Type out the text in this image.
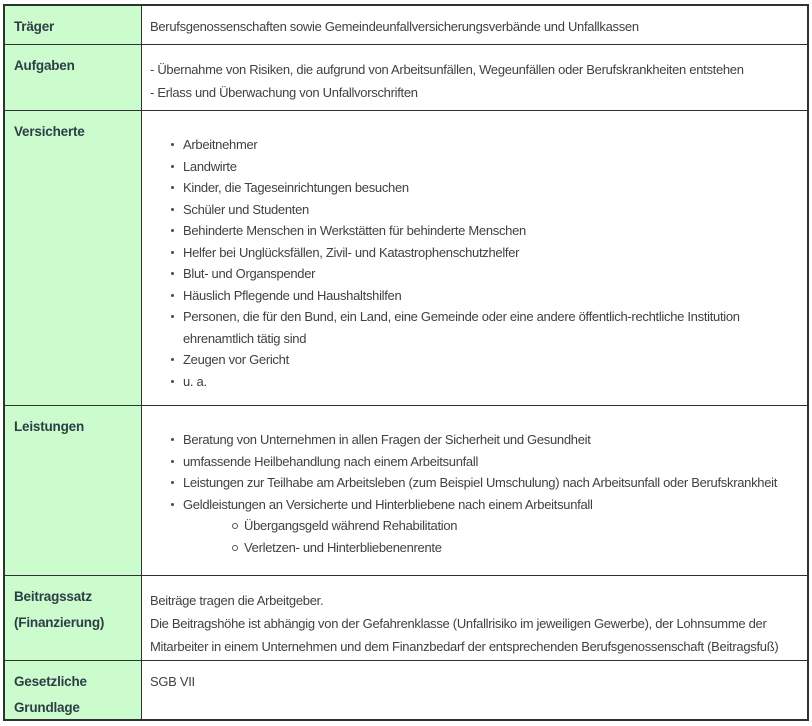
Träger	Berufsgenossenschaften sowie Gemeindeunfallversicherungsverbände und Unfallkassen
Aufgaben	- Übernahme von Risiken, die aufgrund von Arbeitsunfällen, Wegeunfällen oder Berufskrankheiten entstehen
- Erlass und Überwachung von Unfallvorschriften
Versicherte
Arbeitnehmer
Landwirte
Kinder, die Tageseinrichtungen besuchen
Schüler und Studenten
Behinderte Menschen in Werkstätten für behinderte Menschen
Helfer bei Unglücksfällen, Zivil- und Katastrophenschutzhelfer
Blut- und Organspender
Häuslich Pflegende und Haushaltshilfen
Personen, die für den Bund, ein Land, eine Gemeinde oder eine andere öffentlich-rechtliche Institution ehrenamtlich tätig sind
Zeugen vor Gericht
u. a.
Leistungen
Beratung von Unternehmen in allen Fragen der Sicherheit und Gesundheit
umfassende Heilbehandlung nach einem Arbeitsunfall
Leistungen zur Teilhabe am Arbeitsleben (zum Beispiel Umschulung) nach Arbeitsunfall oder Berufskrankheit
Geldleistungen an Versicherte und Hinterbliebene nach einem Arbeitsunfall
Übergangsgeld während Rehabilitation
Verletzen- und Hinterbliebenenrente
Beitragssatz (Finanzierung)
Beiträge tragen die Arbeitgeber.
Die Beitragshöhe ist abhängig von der Gefahrenklasse (Unfallrisiko im jeweiligen Gewerbe), der Lohnsumme der Mitarbeiter in einem Unternehmen und dem Finanzbedarf der entsprechenden Berufsgenossenschaft (Beitragsfuß)
Gesetzliche Grundlage
SGB VII
